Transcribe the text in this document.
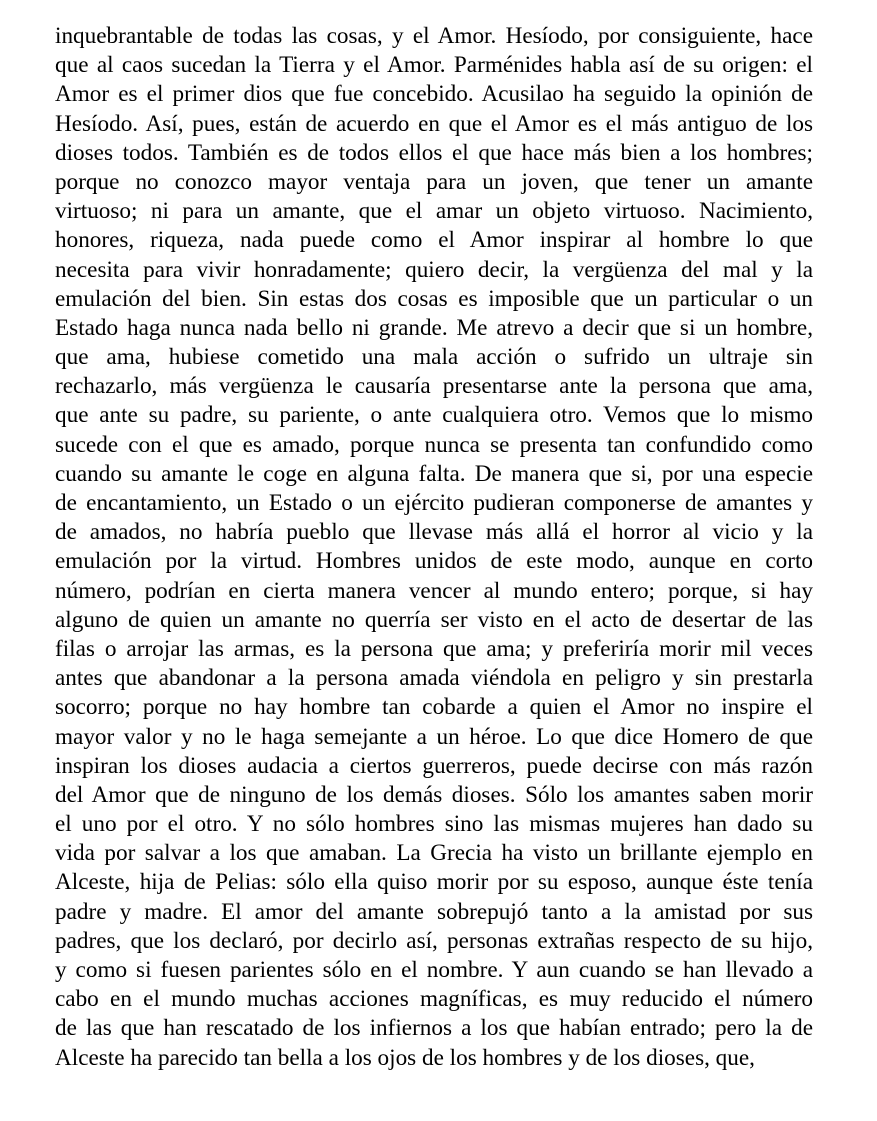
inquebrantable de todas las cosas, y el Amor. Hesíodo, por consiguiente, hace
que al caos sucedan la Tierra y el Amor. Parménides habla así de su origen: el
Amor es el primer dios que fue concebido. Acusilao ha seguido la opinión de
Hesíodo. Así, pues, están de acuerdo en que el Amor es el más antiguo de los
dioses todos. También es de todos ellos el que hace más bien a los hombres;
porque no conozco mayor ventaja para un joven, que tener un amante
virtuoso; ni para un amante, que el amar un objeto virtuoso. Nacimiento,
honores, riqueza, nada puede como el Amor inspirar al hombre lo que
necesita para vivir honradamente; quiero decir, la vergüenza del mal y la
emulación del bien. Sin estas dos cosas es imposible que un particular o un
Estado haga nunca nada bello ni grande. Me atrevo a decir que si un hombre,
que ama, hubiese cometido una mala acción o sufrido un ultraje sin
rechazarlo, más vergüenza le causaría presentarse ante la persona que ama,
que ante su padre, su pariente, o ante cualquiera otro. Vemos que lo mismo
sucede con el que es amado, porque nunca se presenta tan confundido como
cuando su amante le coge en alguna falta. De manera que si, por una especie
de encantamiento, un Estado o un ejército pudieran componerse de amantes y
de amados, no habría pueblo que llevase más allá el horror al vicio y la
emulación por la virtud. Hombres unidos de este modo, aunque en corto
número, podrían en cierta manera vencer al mundo entero; porque, si hay
alguno de quien un amante no querría ser visto en el acto de desertar de las
filas o arrojar las armas, es la persona que ama; y preferiría morir mil veces
antes que abandonar a la persona amada viéndola en peligro y sin prestarla
socorro; porque no hay hombre tan cobarde a quien el Amor no inspire el
mayor valor y no le haga semejante a un héroe. Lo que dice Homero de que
inspiran los dioses audacia a ciertos guerreros, puede decirse con más razón
del Amor que de ninguno de los demás dioses. Sólo los amantes saben morir
el uno por el otro. Y no sólo hombres sino las mismas mujeres han dado su
vida por salvar a los que amaban. La Grecia ha visto un brillante ejemplo en
Alceste, hija de Pelias: sólo ella quiso morir por su esposo, aunque éste tenía
padre y madre. El amor del amante sobrepujó tanto a la amistad por sus
padres, que los declaró, por decirlo así, personas extrañas respecto de su hijo,
y como si fuesen parientes sólo en el nombre. Y aun cuando se han llevado a
cabo en el mundo muchas acciones magníficas, es muy reducido el número
de las que han rescatado de los infiernos a los que habían entrado; pero la de
Alceste ha parecido tan bella a los ojos de los hombres y de los dioses, que,
